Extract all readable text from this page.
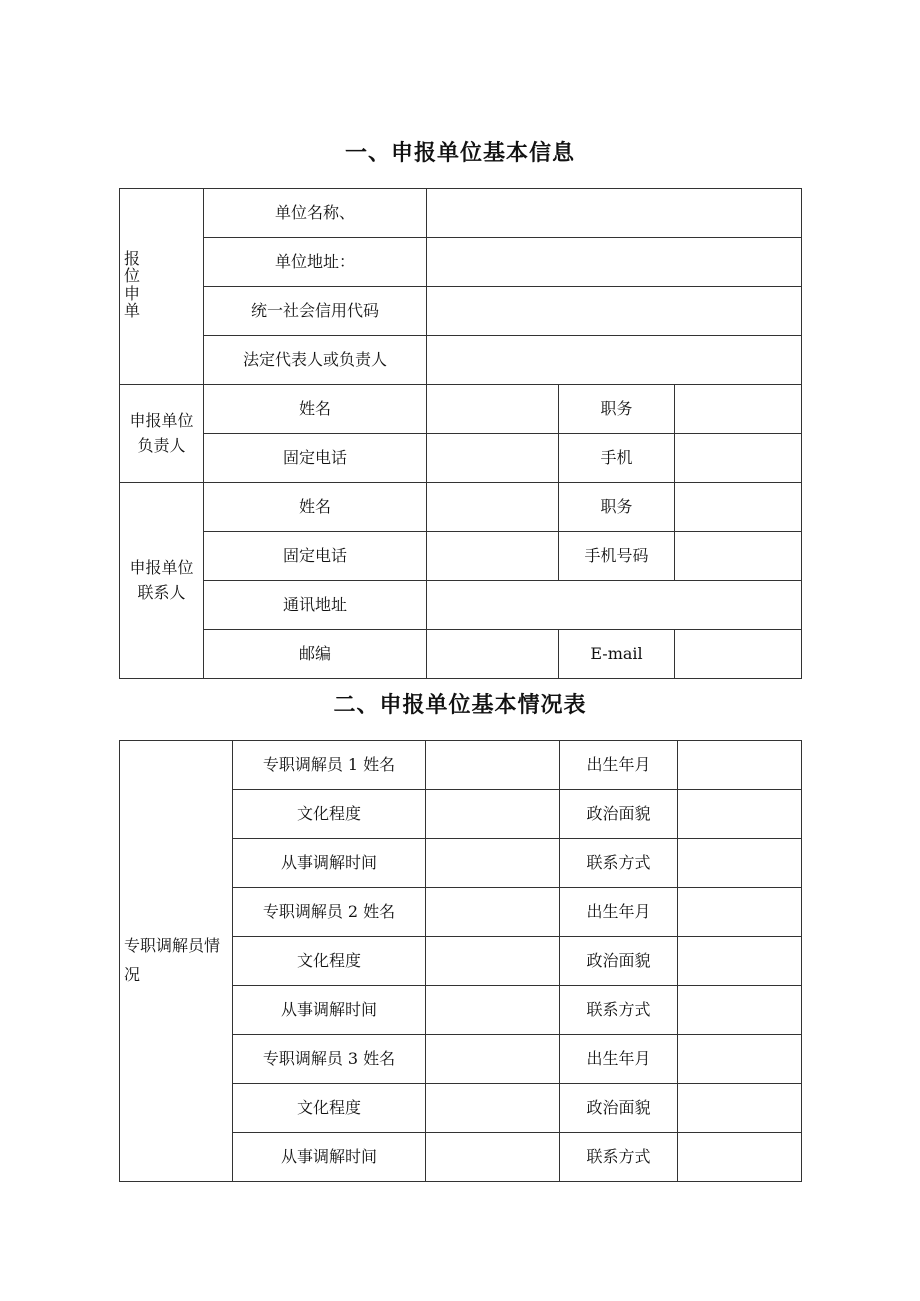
一、申报单位基本信息
报
位
申
单	单位名称、			
	单位地址：			
	统一社会信用代码			
	法定代表人或负责人			

申报单位负责人	姓名		职务	
	固定电话		手机	

申报单位联系人	姓名		职务	
	固定电话		手机号码	
	通讯地址			
	邮编		E-mail	
二、申报单位基本情况表
专职调解员情况	专职调解员 1 姓名		出生年月	
	文化程度		政治面貌	
	从事调解时间		联系方式	
	专职调解员 2 姓名		出生年月	
	文化程度		政治面貌	
	从事调解时间		联系方式	
	专职调解员 3 姓名		出生年月	
	文化程度		政治面貌	
	从事调解时间		联系方式	
